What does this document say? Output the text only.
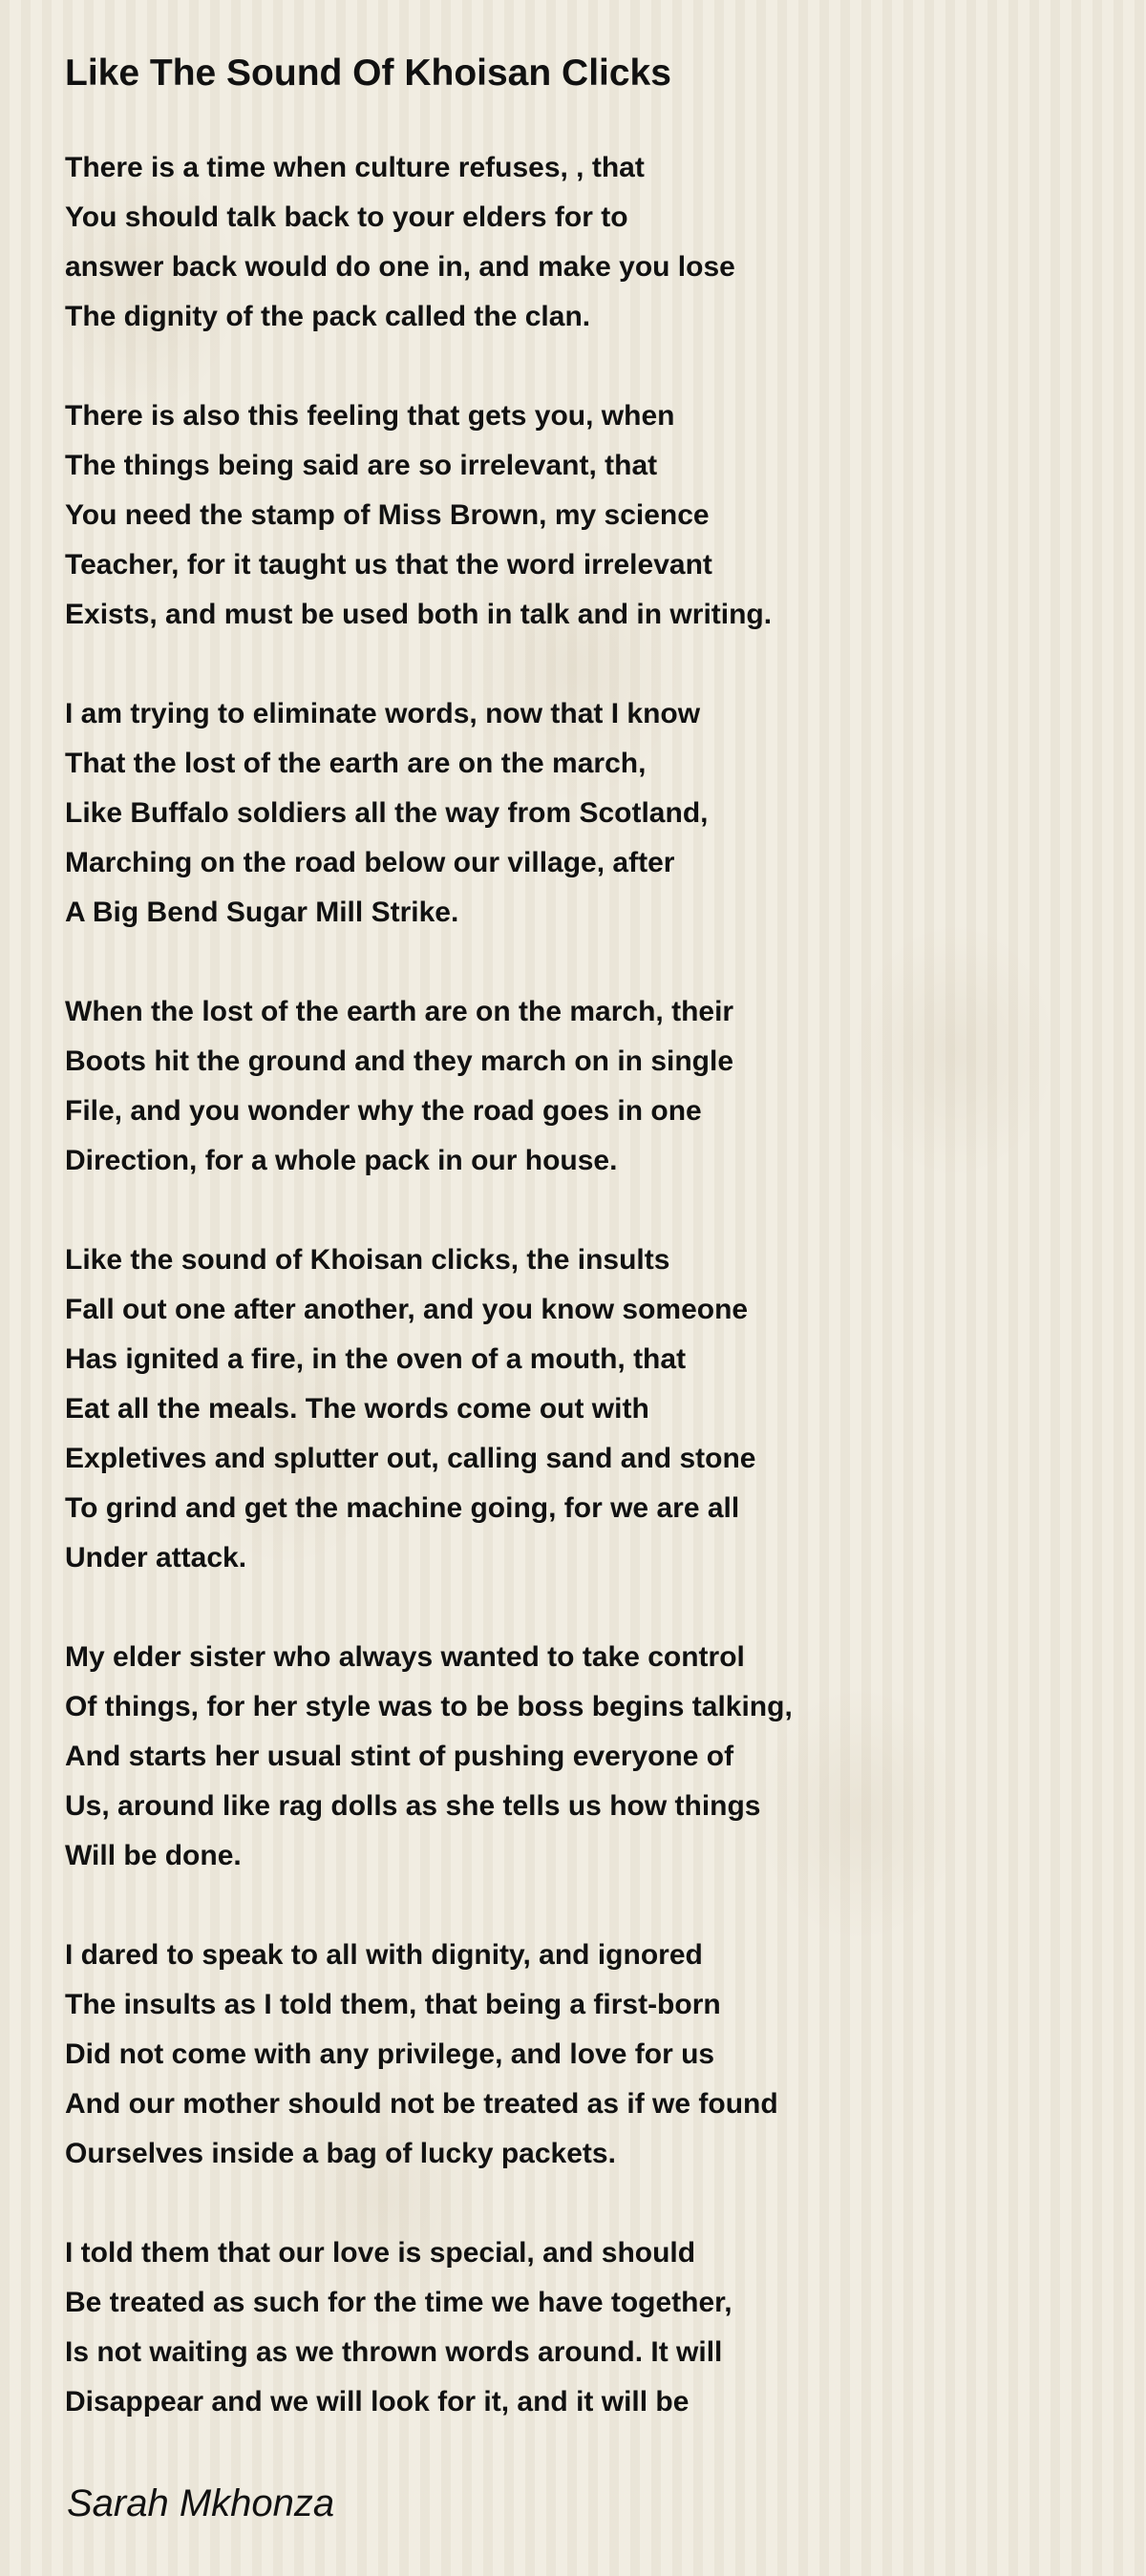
Like The Sound Of Khoisan Clicks
There is a time when culture refuses, , that
You should talk back to your elders for to
answer back would do one in, and make you lose
The dignity of the pack called the clan.
There is also this feeling that gets you, when
The things being said are so irrelevant, that
You need the stamp of Miss Brown, my science
Teacher, for it taught us that the word irrelevant
Exists, and must be used both in talk and in writing.
I am trying to eliminate words, now that I know
That the lost of the earth are on the march,
Like Buffalo soldiers all the way from Scotland,
Marching on the road below our village, after
A Big Bend Sugar Mill Strike.
When the lost of the earth are on the march, their
Boots hit the ground and they march on in single
File, and you wonder why the road goes in one
Direction, for a whole pack in our house.
Like the sound of Khoisan clicks, the insults
Fall out one after another, and you know someone
Has ignited a fire, in the oven of a mouth, that
Eat all the meals. The words come out with
Expletives and splutter out, calling sand and stone
To grind and get the machine going, for we are all
Under attack.
My elder sister who always wanted to take control
Of things, for her style was to be boss begins talking,
And starts her usual stint of pushing everyone of
Us, around like rag dolls as she tells us how things
Will be done.
I dared to speak to all with dignity, and ignored
The insults as I told them, that being a first-born
Did not come with any privilege, and love for us
And our mother should not be treated as if we found
Ourselves inside a bag of lucky packets.
I told them that our love is special, and should
Be treated as such for the time we have together,
Is not waiting as we thrown words around. It will
Disappear and we will look for it, and it will be
Sarah Mkhonza
